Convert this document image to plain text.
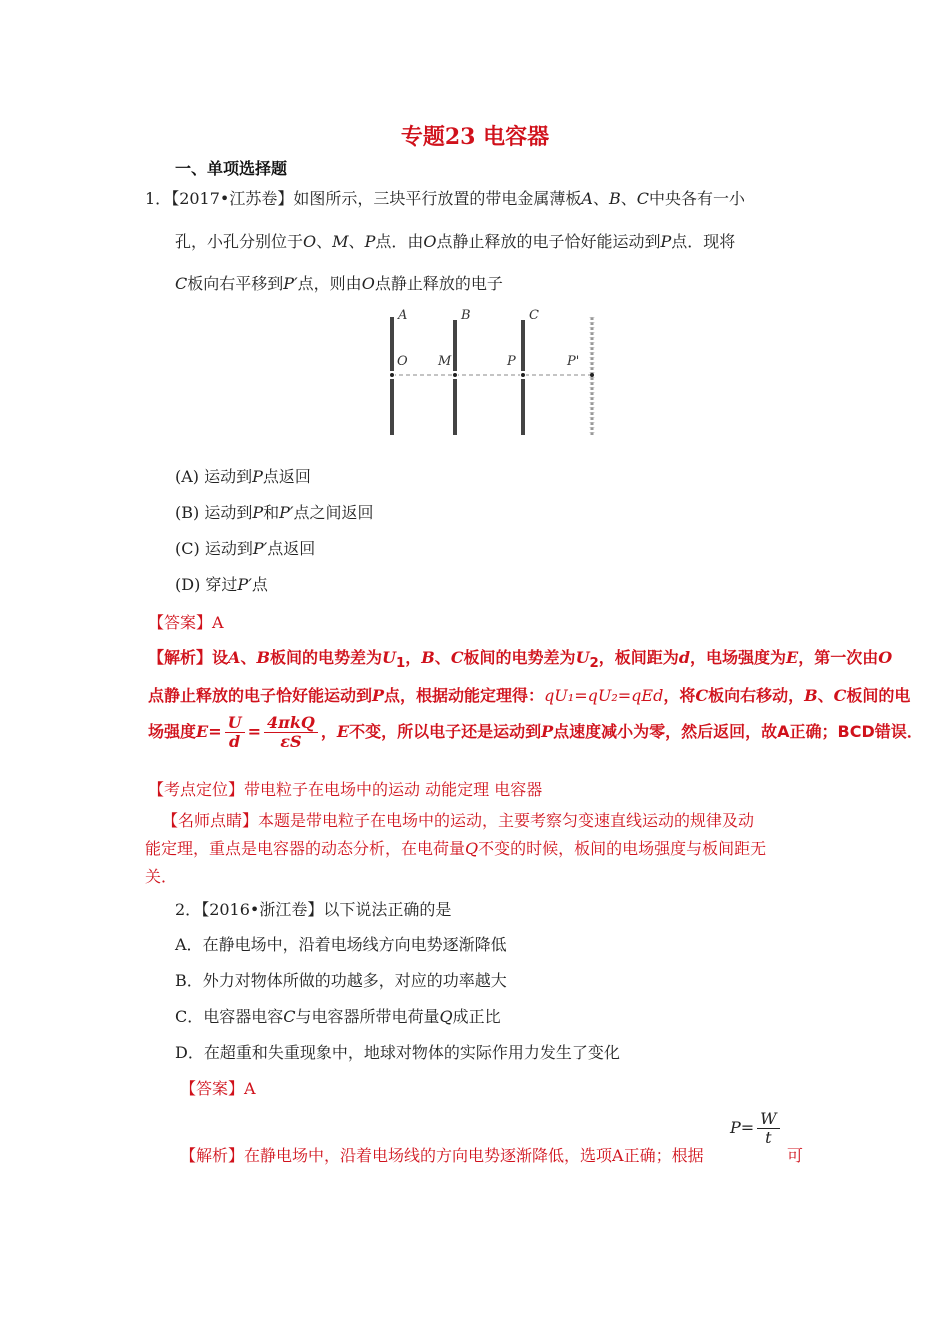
专题23 电容器
一、单项选择题
1．【2017•江苏卷】如图所示，三块平行放置的带电金属薄板A、B、C中央各有一小
孔，小孔分别位于O、M、P点．由O点静止释放的电子恰好能运动到P点．现将
C板向右平移到P′点，则由O点静止释放的电子
A	B	C
O M	P	P'
(A) 运动到P点返回
(B) 运动到P和P′点之间返回
(C) 运动到P′点返回
(D) 穿过P′点
【答案】A
【解析】设A、B板间的电势差为$U_1$，B、C板间的电势差为$U_2$，板间距为d，电场强度为E，第一次由O
点静止释放的电子恰好能运动到P点，根据动能定理得：qU₁=qU₂=qEd，将C板向右移动，B、C板间的电
场强度$E= \frac{U}{d} = \frac{\text{4πkQ}}{\varepsilon S}$ ，E不变，所以电子还是运动到P点速度减小为零，然后返回，故A正确；BCD错误．
【考点定位】带电粒子在电场中的运动 动能定理 电容器
【名师点睛】本题是带电粒子在电场中的运动，主要考察匀变速直线运动的规律及动
能定理，重点是电容器的动态分析，在电荷量Q不变的时候，板间的电场强度与板间距无
关．
2．【2016•浙江卷】以下说法正确的是
A．在静电场中，沿着电场线方向电势逐渐降低
B．外力对物体所做的功越多，对应的功率越大
C．电容器电容C与电容器所带电荷量Q成正比
D．在超重和失重现象中，地球对物体的实际作用力发生了变化
【答案】A
【解析】在静电场中，沿着电场线的方向电势逐渐降低，选项A正确；根据
$P= \frac{W}{t}$
可
